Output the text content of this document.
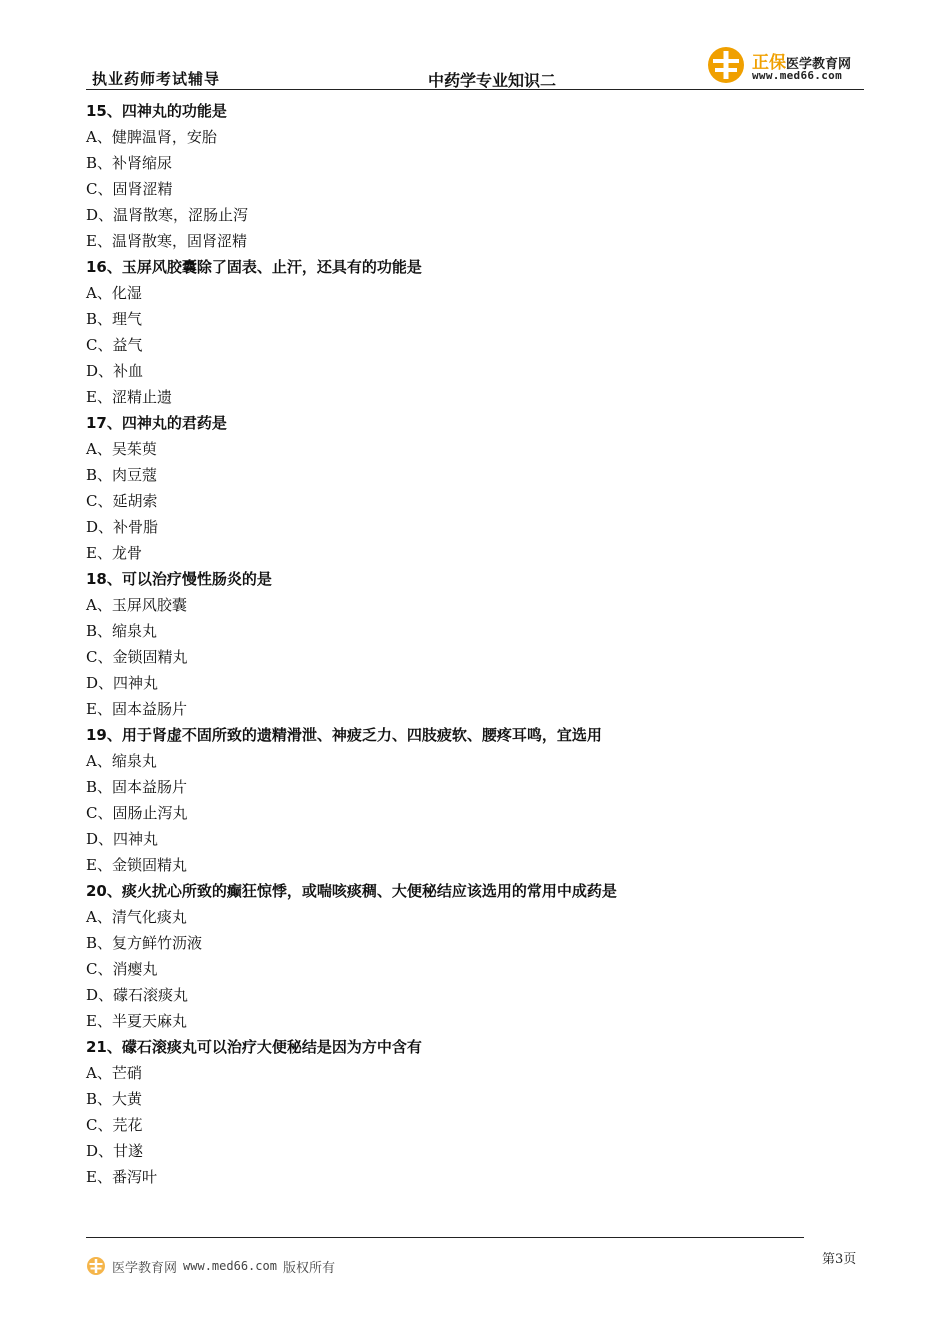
执业药师考试辅导	中药学专业知识二
正保医学教育网
www.med66.com
15、四神丸的功能是
A、健脾温肾，安胎
B、补肾缩尿
C、固肾涩精
D、温肾散寒，涩肠止泻
E、温肾散寒，固肾涩精
16、玉屏风胶囊除了固表、止汗，还具有的功能是
A、化湿
B、理气
C、益气
D、补血
E、涩精止遗
17、四神丸的君药是
A、吴茱萸
B、肉豆蔻
C、延胡索
D、补骨脂
E、龙骨
18、可以治疗慢性肠炎的是
A、玉屏风胶囊
B、缩泉丸
C、金锁固精丸
D、四神丸
E、固本益肠片
19、用于肾虚不固所致的遗精滑泄、神疲乏力、四肢疲软、腰疼耳鸣，宜选用
A、缩泉丸
B、固本益肠片
C、固肠止泻丸
D、四神丸
E、金锁固精丸
20、痰火扰心所致的癫狂惊悸，或喘咳痰稠、大便秘结应该选用的常用中成药是
A、清气化痰丸
B、复方鲜竹沥液
C、消瘿丸
D、礞石滚痰丸
E、半夏天麻丸
21、礞石滚痰丸可以治疗大便秘结是因为方中含有
A、芒硝
B、大黄
C、芫花
D、甘遂
E、番泻叶
医学教育网 www.med66.com 版权所有
第3页
